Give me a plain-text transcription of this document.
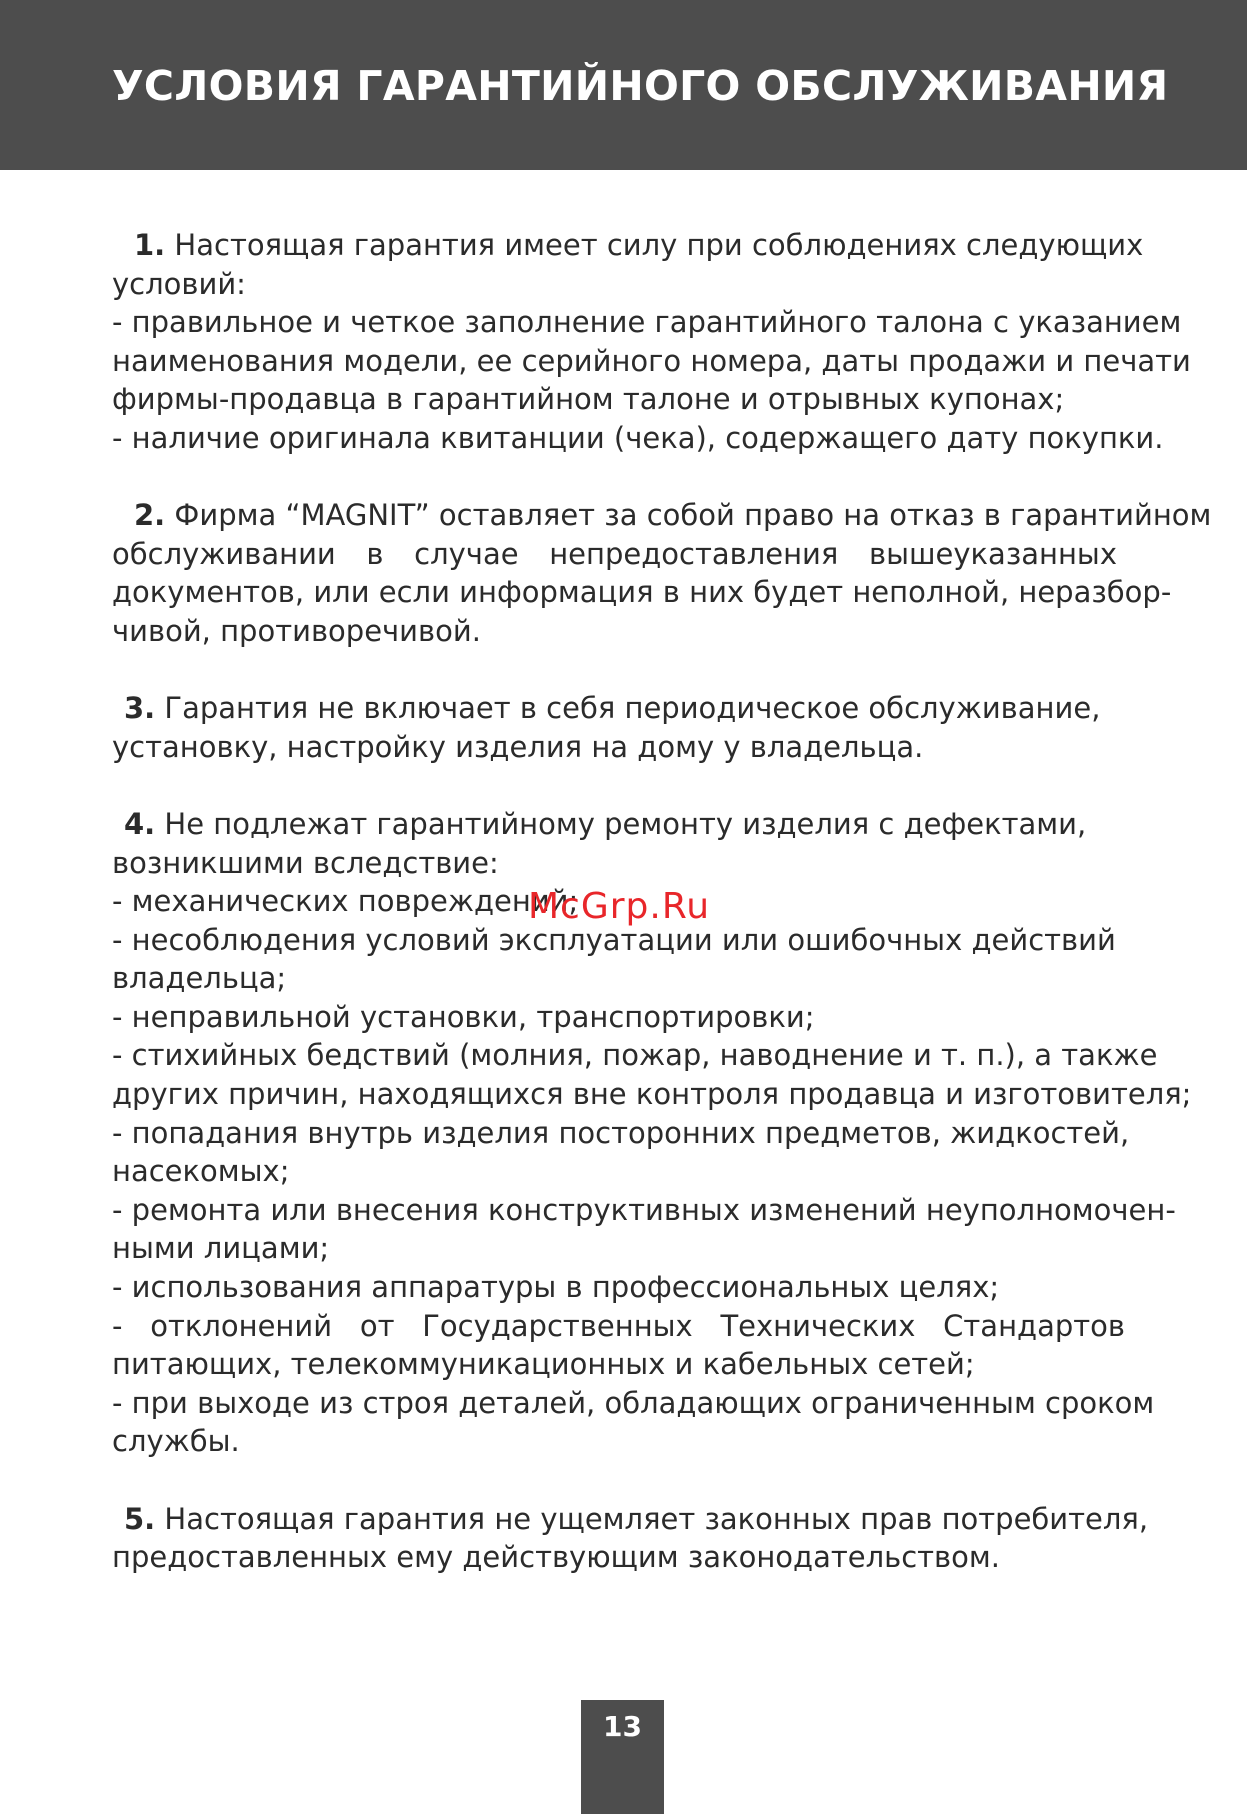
УСЛОВИЯ ГАРАНТИЙНОГО ОБСЛУЖИВАНИЯ
1. Настоящая гарантия имеет силу при соблюдениях следующих
условий:
- правильное и четкое заполнение гарантийного талона с указанием
наименования модели, ее серийного номера, даты продажи и печати
фирмы-продавца в гарантийном талоне и отрывных купонах;
- наличие оригинала квитанции (чека), содержащего дату покупки.
2. Фирма “MAGNIT” оставляет за собой право на отказ в гарантийном
обслуживании в случае непредоставления вышеуказанных
документов, или если информация в них будет неполной, неразбор-
чивой, противоречивой.
3. Гарантия не включает в себя периодическое обслуживание,
установку, настройку изделия на дому у владельца.
4. Не подлежат гарантийному ремонту изделия с дефектами,
возникшими вследствие:
- механических повреждений;
- несоблюдения условий эксплуатации или ошибочных действий
владельца;
- неправильной установки, транспортировки;
- стихийных бедствий (молния, пожар, наводнение и т. п.), а также
других причин, находящихся вне контроля продавца и изготовителя;
- попадания внутрь изделия посторонних предметов, жидкостей,
насекомых;
- ремонта или внесения конструктивных изменений неуполномочен-
ными лицами;
- использования аппаратуры в профессиональных целях;
- отклонений от Государственных Технических Стандартов
питающих, телекоммуникационных и кабельных сетей;
- при выходе из строя деталей, обладающих ограниченным сроком
службы.
5. Настоящая гарантия не ущемляет законных прав потребителя,
предоставленных ему действующим законодательством.
McGrp.Ru
13
